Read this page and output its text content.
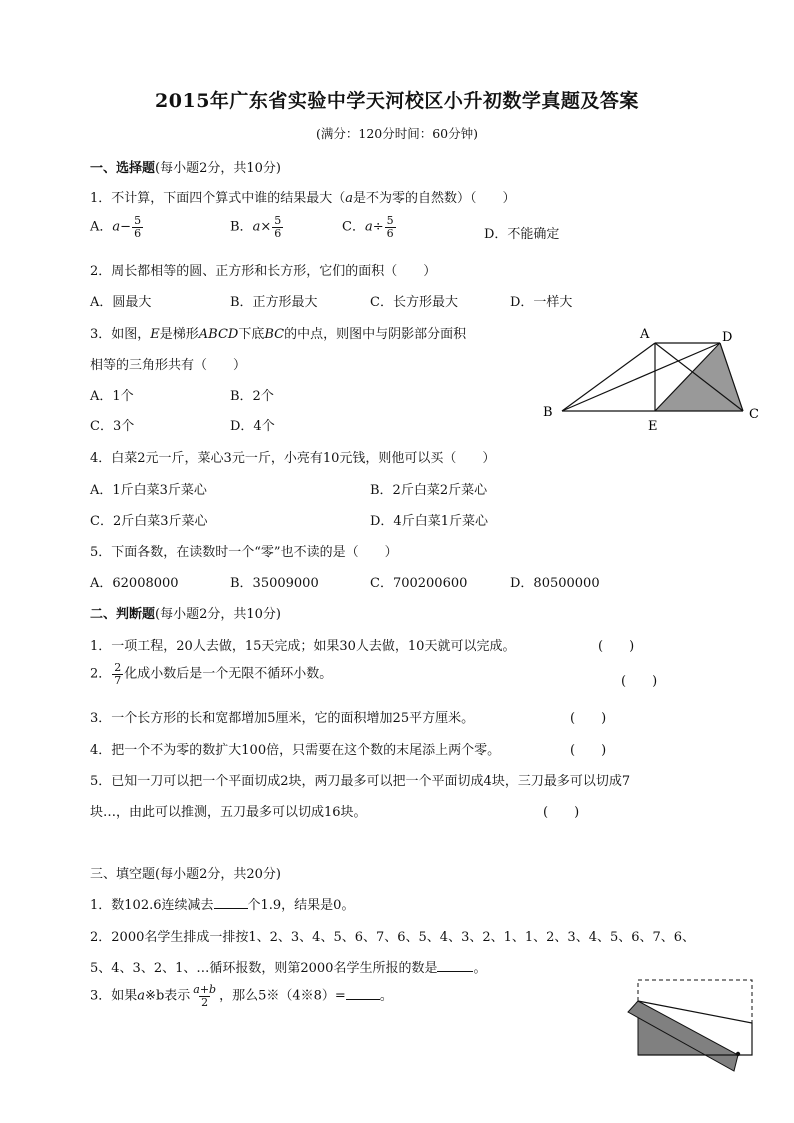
2015年广东省实验中学天河校区小升初数学真题及答案
(满分：120分时间：60分钟)
一、选择题(每小题2分，共10分)
1．不计算，下面四个算式中谁的结果最大（a是不为零的自然数）（　　）
A．$a- \frac{5}{6}$	B．$a\times \frac{5}{6}$	C．$a\div \frac{5}{6}$	D．不能确定
2．周长都相等的圆、正方形和长方形，它们的面积（　　）
A．圆最大	B．正方形最大	C．长方形最大	D．一样大
3．如图，E是梯形ABCD下底BC的中点，则图中与阴影部分面积
相等的三角形共有（　　）
A．1个	B．2个
C．3个	D．4个
A	D
B	C
E
4．白菜2元一斤，菜心3元一斤，小亮有10元钱，则他可以买（　　）
A．1斤白菜3斤菜心	B．2斤白菜2斤菜心
C．2斤白菜3斤菜心	D．4斤白菜1斤菜心
5．下面各数，在读数时一个“零”也不读的是（　　）
A．62008000	B．35009000	C．700200600	D．80500000
二、判断题(每小题2分，共10分)
1．一项工程，20人去做，15天完成；如果30人去做，10天就可以完成。	(　　)
2． $\frac{2}{7}$ 化成小数后是一个无限不循环小数。	(　　)
3．一个长方形的长和宽都增加5厘米，它的面积增加25平方厘米。	(　　)
4．把一个不为零的数扩大100倍，只需要在这个数的末尾添上两个零。	(　　)
5．已知一刀可以把一个平面切成2块，两刀最多可以把一个平面切成4块，三刀最多可以切成7
块…，由此可以推测，五刀最多可以切成16块。	(　　)
三、填空题(每小题2分，共20分)
1．数102.6连续减去	个1.9，结果是0。
2．2000名学生排成一排按1、2、3、4、5、6、7、6、5、4、3、2、1、1、2、3、4、5、6、7、6、
5、4、3、2、1、…循环报数，则第2000名学生所报的数是	。
3．如果a※b表示 $\frac{a+b}{2}$ ，那么5※（4※8）=	。
